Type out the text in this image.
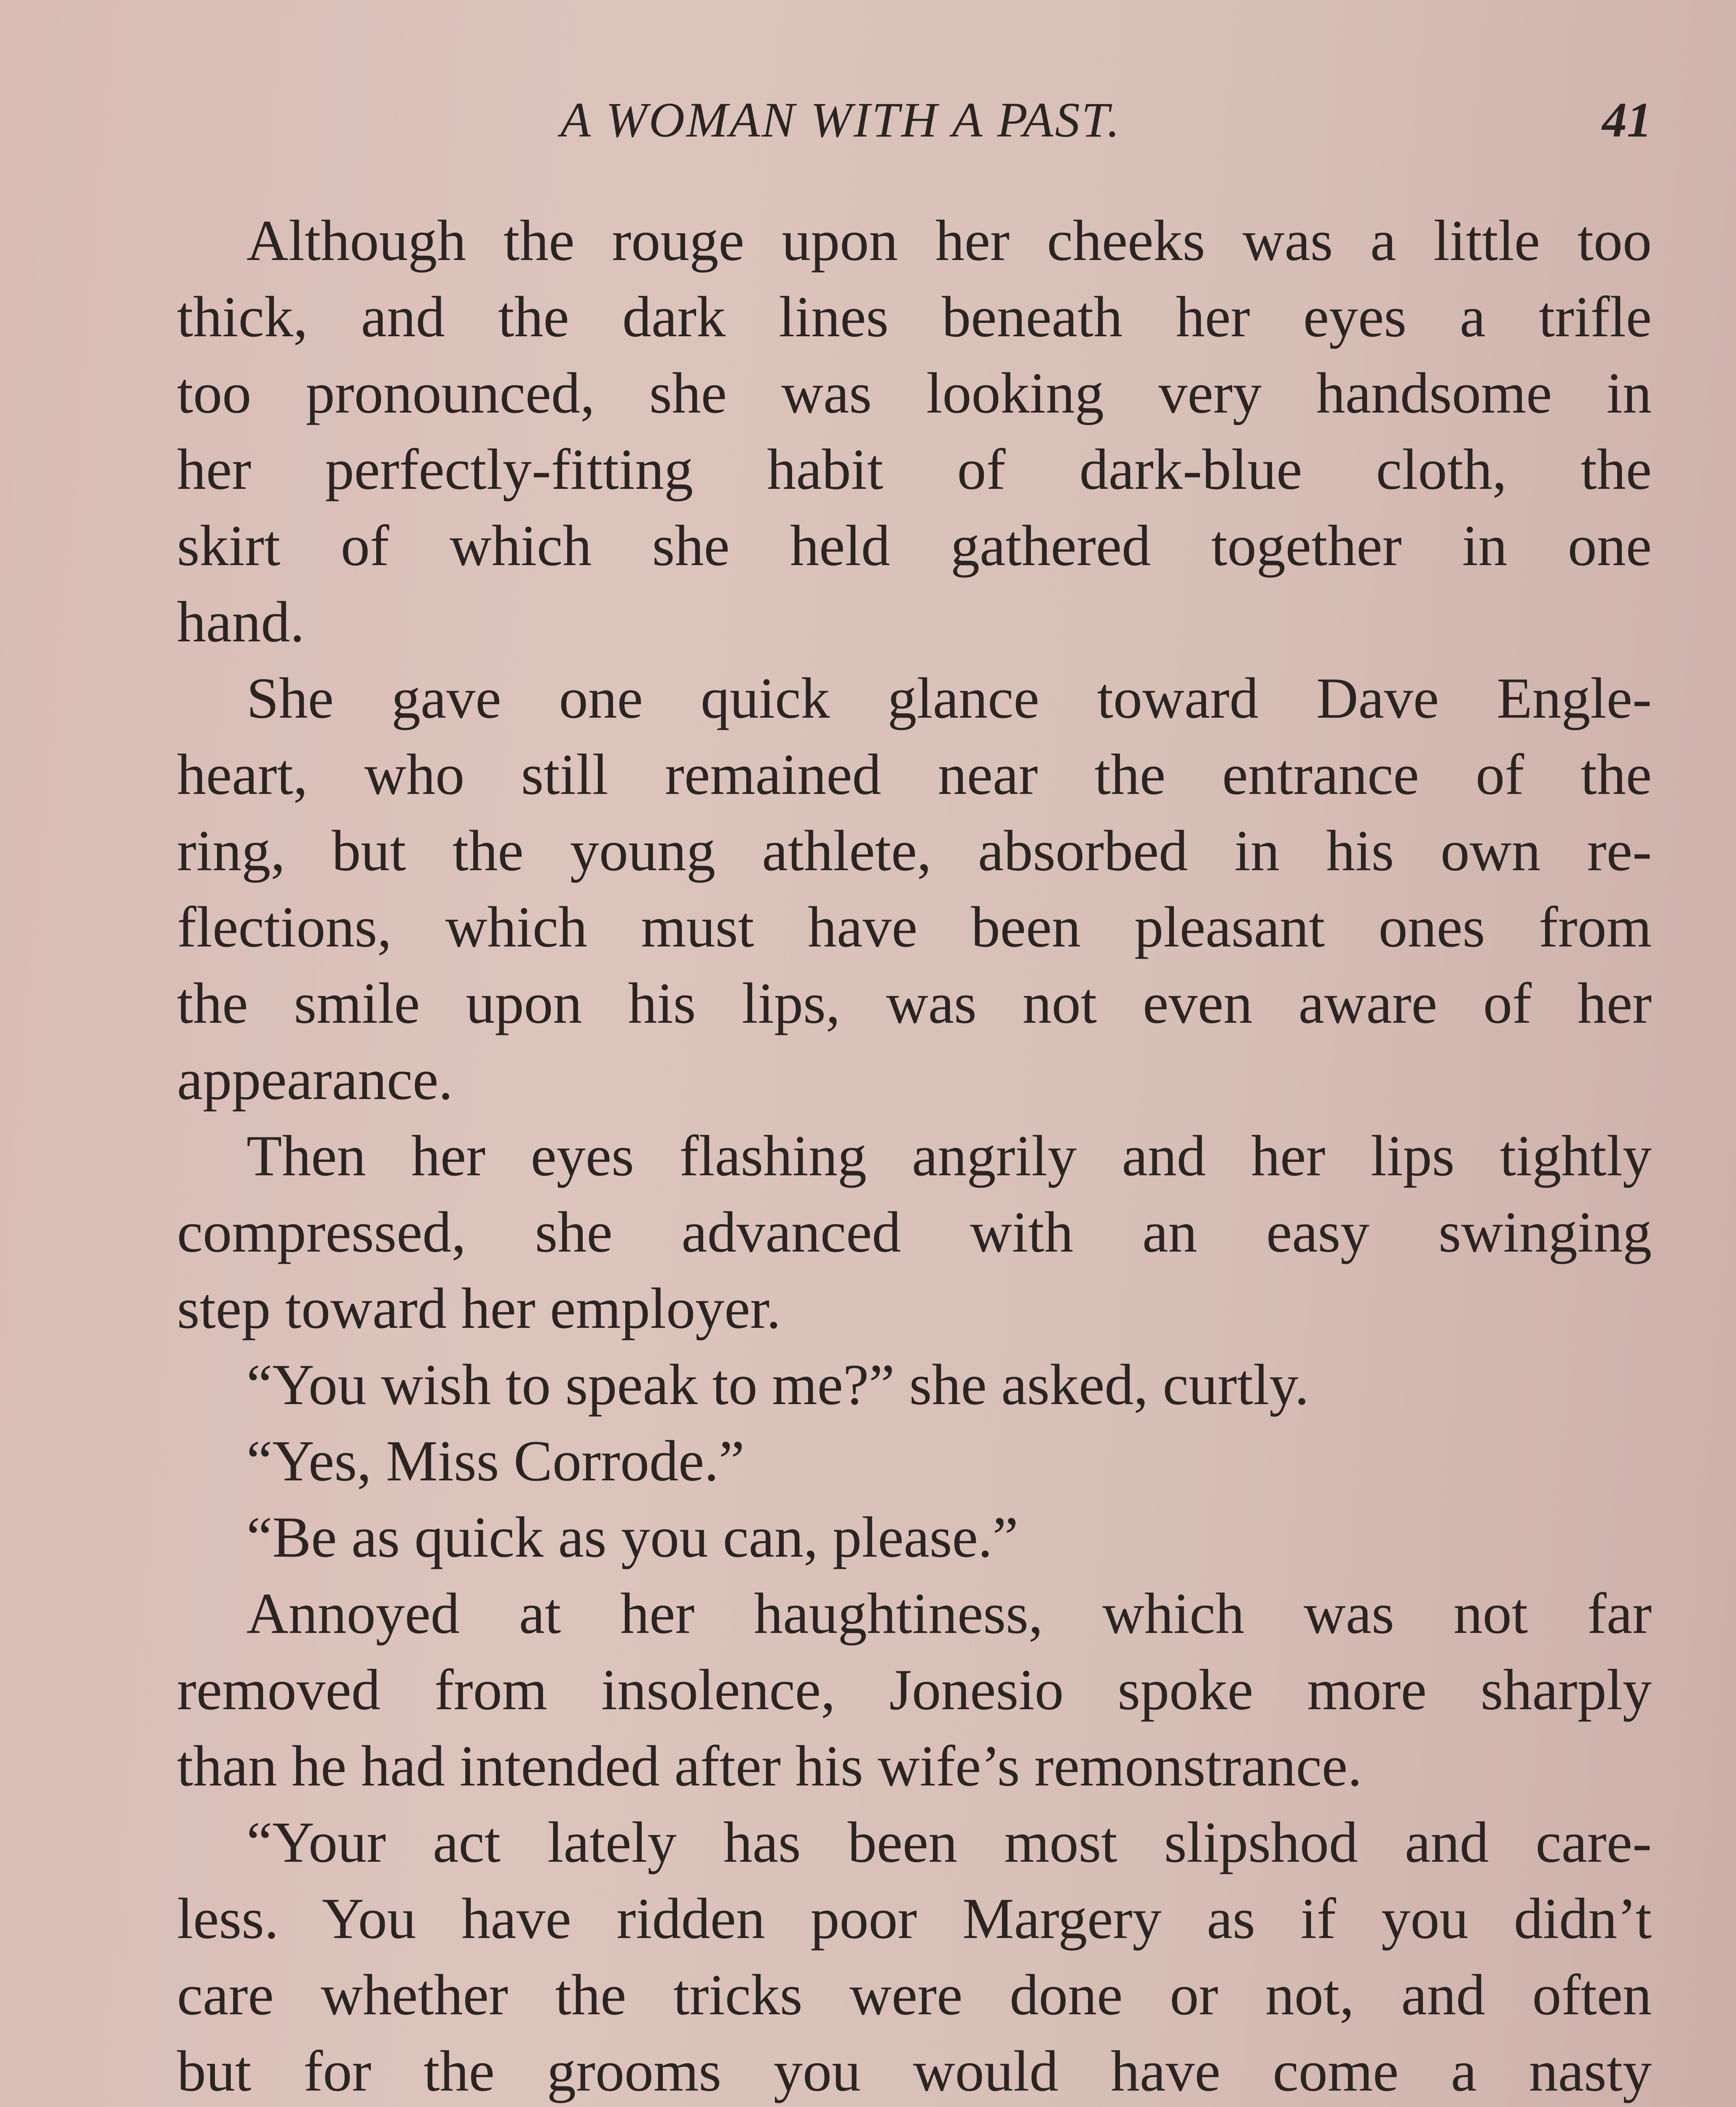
A WOMAN WITH A PAST.	41
Although the rouge upon her cheeks was a little too
thick, and the dark lines beneath her eyes a trifle
too pronounced, she was looking very handsome in
her perfectly-fitting habit of dark-blue cloth, the
skirt of which she held gathered together in one
hand.
She gave one quick glance toward Dave Engle-
heart, who still remained near the entrance of the
ring, but the young athlete, absorbed in his own re-
flections, which must have been pleasant ones from
the smile upon his lips, was not even aware of her
appearance.
Then her eyes flashing angrily and her lips tightly
compressed, she advanced with an easy swinging
step toward her employer.
“You wish to speak to me?” she asked, curtly.
“Yes, Miss Corrode.”
“Be as quick as you can, please.”
Annoyed at her haughtiness, which was not far
removed from insolence, Jonesio spoke more sharply
than he had intended after his wife’s remonstrance.
“Your act lately has been most slipshod and care-
less. You have ridden poor Margery as if you didn’t
care whether the tricks were done or not, and often
but for the grooms you would have come a nasty
